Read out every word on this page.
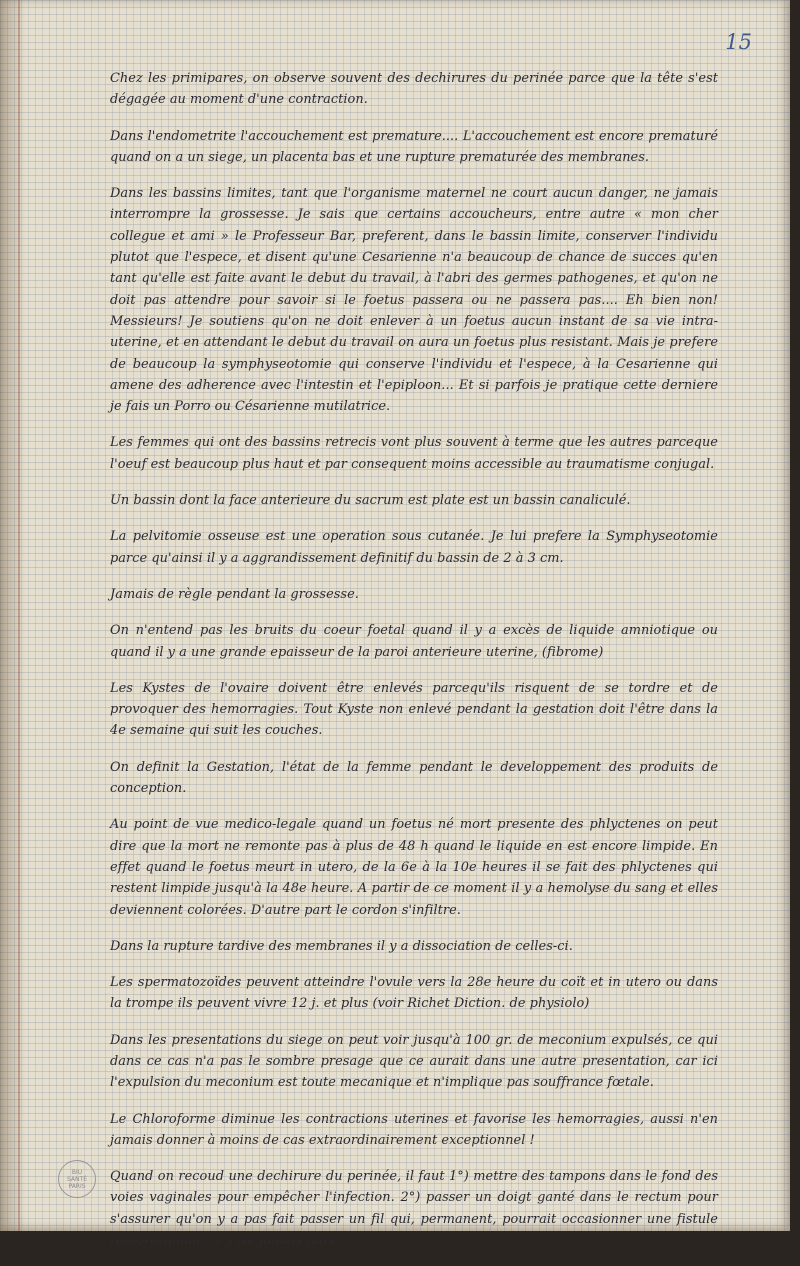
15

Chez les primipares, on observe souvent des dechirures du perinée parce que la tête s'est dégagée au moment d'une contraction.

Dans l'endometrite l'accouchement est premature.... L'accouchement est encore prematuré quand on a un siege, un placenta bas et une rupture prematurée des membranes.

Dans les bassins limites, tant que l'organisme maternel ne court aucun danger, ne jamais interrompre la grossesse. Je sais que certains accoucheurs, entre autre « mon cher collegue et ami » le Professeur Bar, preferent, dans le bassin limite, conserver l'individu plutot que l'espece, et disent qu'une Cesarienne n'a beaucoup de chance de succes qu'en tant qu'elle est faite avant le debut du travail, à l'abri des germes pathogenes, et qu'on ne doit pas attendre pour savoir si le foetus passera ou ne passera pas.... Eh bien non! Messieurs! Je soutiens qu'on ne doit enlever à un foetus aucun instant de sa vie intra-uterine, et en attendant le debut du travail on aura un foetus plus resistant. Mais je prefere de beaucoup la symphyseotomie qui conserve l'individu et l'espece, à la Cesarienne qui amene des adherence avec l'intestin et l'epiploon... Et si parfois je pratique cette derniere je fais un Porro ou Césarienne mutilatrice.

Les femmes qui ont des bassins retrecis vont plus souvent à terme que les autres parceque l'oeuf est beaucoup plus haut et par consequent moins accessible au traumatisme conjugal.

Un bassin dont la face anterieure du sacrum est plate est un bassin canaliculé.

La pelvitomie osseuse est une operation sous cutanée. Je lui prefere la Symphyseotomie parce qu'ainsi il y a aggrandissement definitif du bassin de 2 à 3 cm.

Jamais de règle pendant la grossesse.

On n'entend pas les bruits du coeur foetal quand il y a excès de liquide amniotique ou quand il y a une grande epaisseur de la paroi anterieure uterine, (fibrome)

Les Kystes de l'ovaire doivent être enlevés parcequ'ils risquent de se tordre et de provoquer des hemorragies. Tout Kyste non enlevé pendant la gestation doit l'être dans la 4e semaine qui suit les couches.

On definit la Gestation, l'état de la femme pendant le developpement des produits de conception.

Au point de vue medico-legale quand un foetus né mort presente des phlyctenes on peut dire que la mort ne remonte pas à plus de 48 h quand le liquide en est encore limpide. En effet quand le foetus meurt in utero, de la 6e à la 10e heures il se fait des phlyctenes qui restent limpide jusqu'à la 48e heure. A partir de ce moment il y a hemolyse du sang et elles deviennent colorées. D'autre part le cordon s'infiltre.

Dans la rupture tardive des membranes il y a dissociation de celles-ci.

Les spermatozoïdes peuvent atteindre l'ovule vers la 28e heure du coït et in utero ou dans la trompe ils peuvent vivre 12 j. et plus (voir Richet Diction. de physiolo)

Dans les presentations du siege on peut voir jusqu'à 100 gr. de meconium expulsés, ce qui dans ce cas n'a pas le sombre presage que ce aurait dans une autre presentation, car ici l'expulsion du meconium est toute mecanique et n'implique pas souffrance fœtale.

Le Chloroforme diminue les contractions uterines et favorise les hemorragies, aussi n'en jamais donner à moins de cas extraordinairement exceptionnel !

Quand on recoud une dechirure du perinée, il faut 1°) mettre des tampons dans le fond des voies vaginales pour empêcher l'infection. 2°) passer un doigt ganté dans le rectum pour s'assurer qu'on y a pas fait passer un fil qui, permanent, pourrait occasionner une fistule recto-vaginale. 3°) Ne jamais faire

BIU
SANTÉ
PARIS
